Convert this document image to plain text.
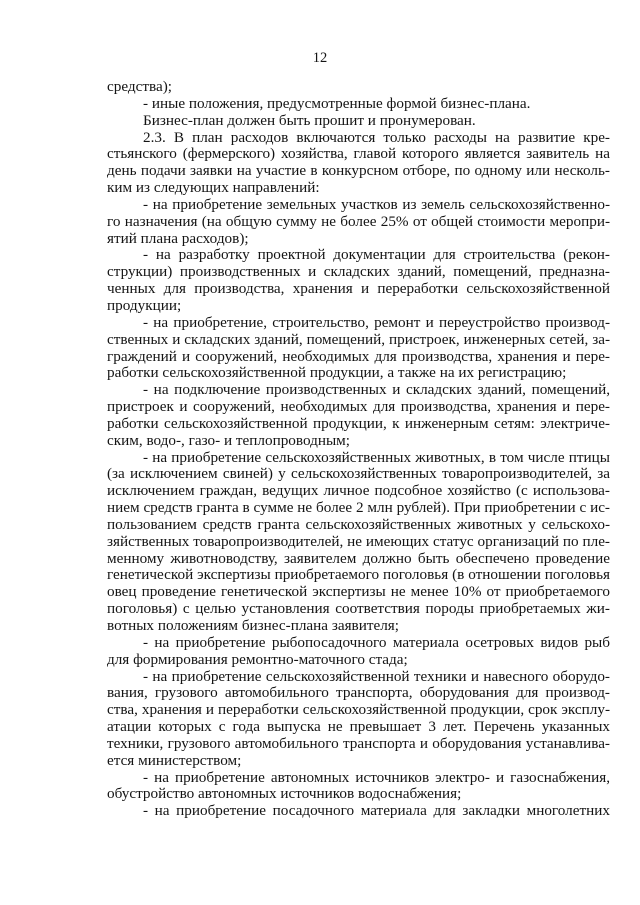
12
средства);
- иные положения, предусмотренные формой бизнес-плана.
Бизнес-план должен быть прошит и пронумерован.
2.3. В план расходов включаются только расходы на развитие кре-
стьянского (фермерского) хозяйства, главой которого является заявитель на
день подачи заявки на участие в конкурсном отборе, по одному или несколь-
ким из следующих направлений:
- на приобретение земельных участков из земель сельскохозяйственно-
го назначения (на общую сумму не более 25% от общей стоимости меропри-
ятий плана расходов);
- на разработку проектной документации для строительства (рекон-
струкции) производственных и складских зданий, помещений, предназна-
ченных для производства, хранения и переработки сельскохозяйственной
продукции;
- на приобретение, строительство, ремонт и переустройство производ-
ственных и складских зданий, помещений, пристроек, инженерных сетей, за-
граждений и сооружений, необходимых для производства, хранения и пере-
работки сельскохозяйственной продукции, а также на их регистрацию;
- на подключение производственных и складских зданий, помещений,
пристроек и сооружений, необходимых для производства, хранения и пере-
работки сельскохозяйственной продукции, к инженерным сетям: электриче-
ским, водо-, газо- и теплопроводным;
- на приобретение сельскохозяйственных животных, в том числе птицы
(за исключением свиней) у сельскохозяйственных товаропроизводителей, за
исключением граждан, ведущих личное подсобное хозяйство (с использова-
нием средств гранта в сумме не более 2 млн рублей). При приобретении с ис-
пользованием средств гранта сельскохозяйственных животных у сельскохо-
зяйственных товаропроизводителей, не имеющих статус организаций по пле-
менному животноводству, заявителем должно быть обеспечено проведение
генетической экспертизы приобретаемого поголовья (в отношении поголовья
овец проведение генетической экспертизы не менее 10% от приобретаемого
поголовья) с целью установления соответствия породы приобретаемых жи-
вотных положениям бизнес-плана заявителя;
- на приобретение рыбопосадочного материала осетровых видов рыб
для формирования ремонтно-маточного стада;
- на приобретение сельскохозяйственной техники и навесного оборудо-
вания, грузового автомобильного транспорта, оборудования для производ-
ства, хранения и переработки сельскохозяйственной продукции, срок эксплу-
атации которых с года выпуска не превышает 3 лет. Перечень указанных
техники, грузового автомобильного транспорта и оборудования устанавлива-
ется министерством;
- на приобретение автономных источников электро- и газоснабжения,
обустройство автономных источников водоснабжения;
- на приобретение посадочного материала для закладки многолетних
